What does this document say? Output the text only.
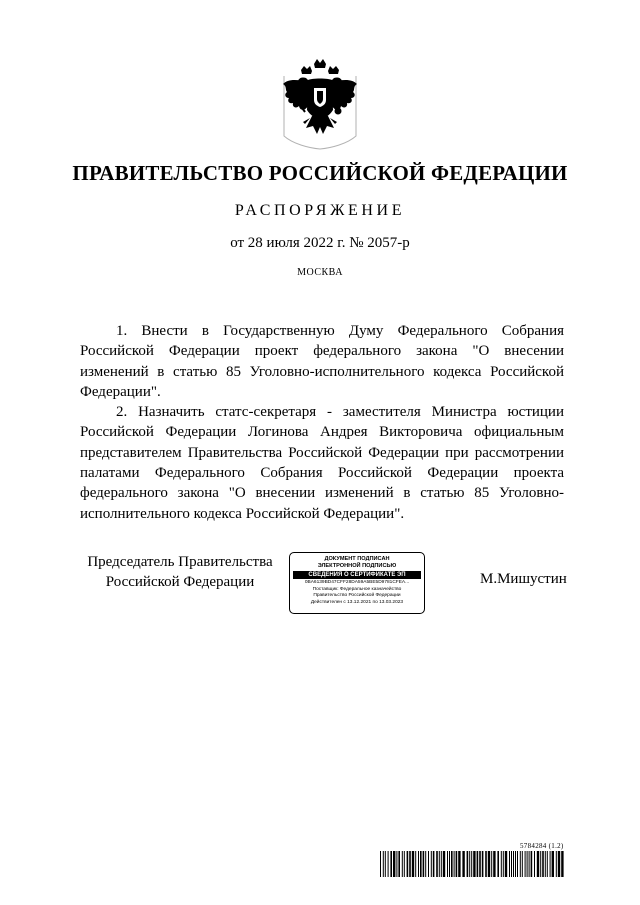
ПРАВИТЕЛЬСТВО РОССИЙСКОЙ ФЕДЕРАЦИИ
РАСПОРЯЖЕНИЕ
от 28 июля 2022 г. № 2057-р
МОСКВА

1. Внести в Государственную Думу Федерального Собрания Российской Федерации проект федерального закона "О внесении изменений в статью 85 Уголовно-исполнительного кодекса Российской Федерации".

2. Назначить статс-секретаря - заместителя Министра юстиции Российской Федерации Логинова Андрея Викторовича официальным представителем Правительства Российской Федерации при рассмотрении палатами Федерального Собрания Российской Федерации проекта федерального закона "О внесении изменений в статью 85 Уголовно-исполнительного кодекса Российской Федерации".

Председатель Правительства
Российской Федерации
ДОКУМЕНТ ПОДПИСАН
ЭЛЕКТРОННОЙ ПОДПИСЬЮ
СВЕДЕНИЯ О СЕРТИФИКАТЕ ЭП
0BA6139BD47CFF28DA59A5BE5D9781CFEA...
Поставщик: Федеральное казначейство
Правительство Российской Федерации
Действителен с 13.12.2021 по 13.03.2023
М.Мишустин
5784284 (1.2)
